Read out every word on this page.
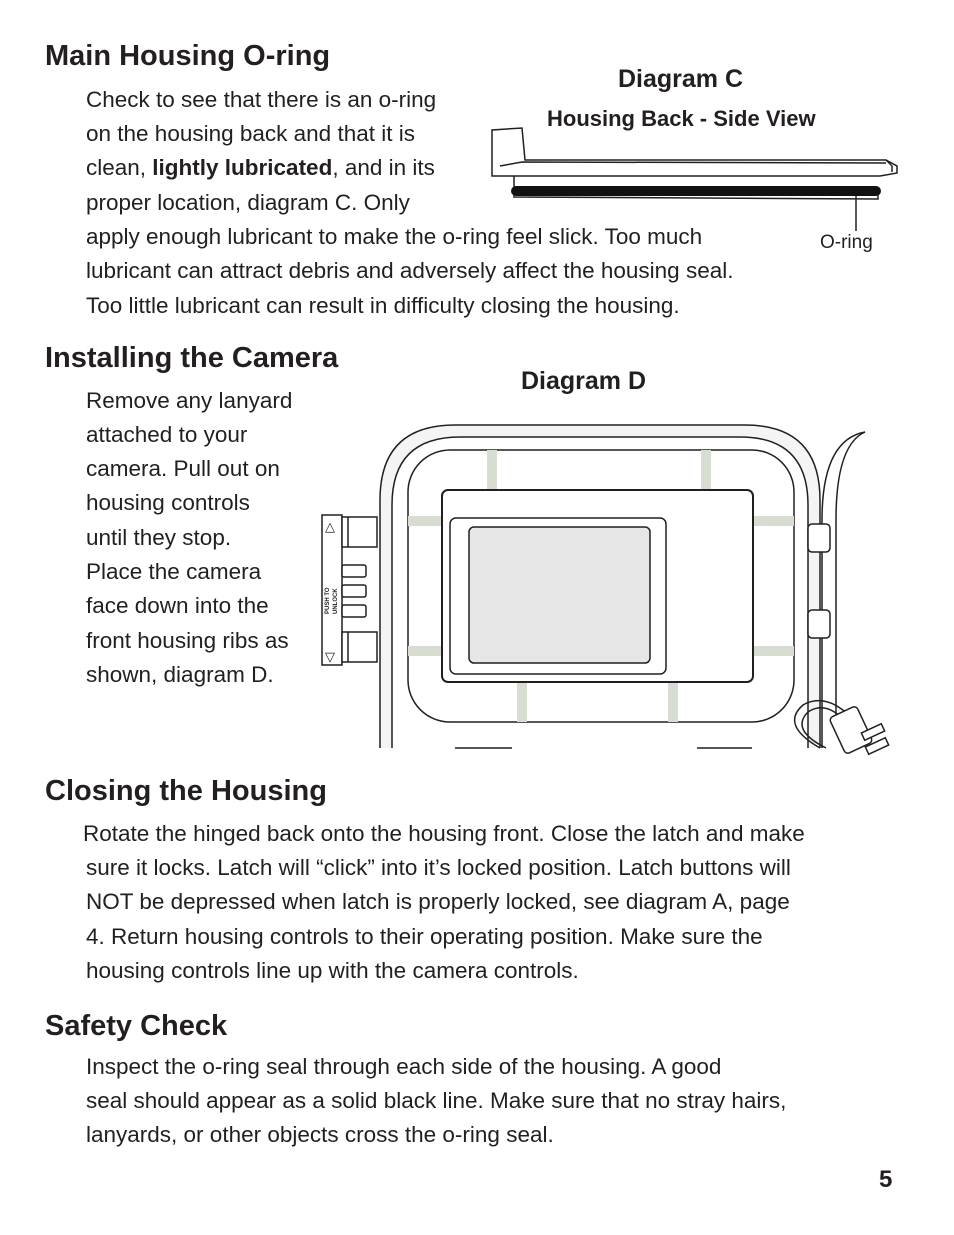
Main Housing O-ring
Check to see that there is an o-ring
on the housing back and that it is
clean, lightly lubricated, and in its
proper location, diagram C. Only
apply enough lubricant to make the o-ring feel slick. Too much
lubricant can attract debris and adversely affect the housing seal.
Too little lubricant can result in difficulty closing the housing.
Diagram C
Housing Back - Side View
O-ring
Installing the Camera
Remove any lanyard
attached to your
camera. Pull out on
housing controls
until they stop.
Place the camera
face down into the
front housing ribs as
shown, diagram D.
Diagram D
△
▽
PUSH TO UNLOCK
Closing the Housing
Rotate the hinged back onto the housing front. Close the latch and make
sure it locks. Latch will “click” into it’s locked position. Latch buttons will
NOT be depressed when latch is properly locked, see diagram A, page
4. Return housing controls to their operating position. Make sure the
housing controls line up with the camera controls.
Safety Check
Inspect the o-ring seal through each side of the housing. A good
seal should appear as a solid black line. Make sure that no stray hairs,
lanyards, or other objects cross the o-ring seal.
5
